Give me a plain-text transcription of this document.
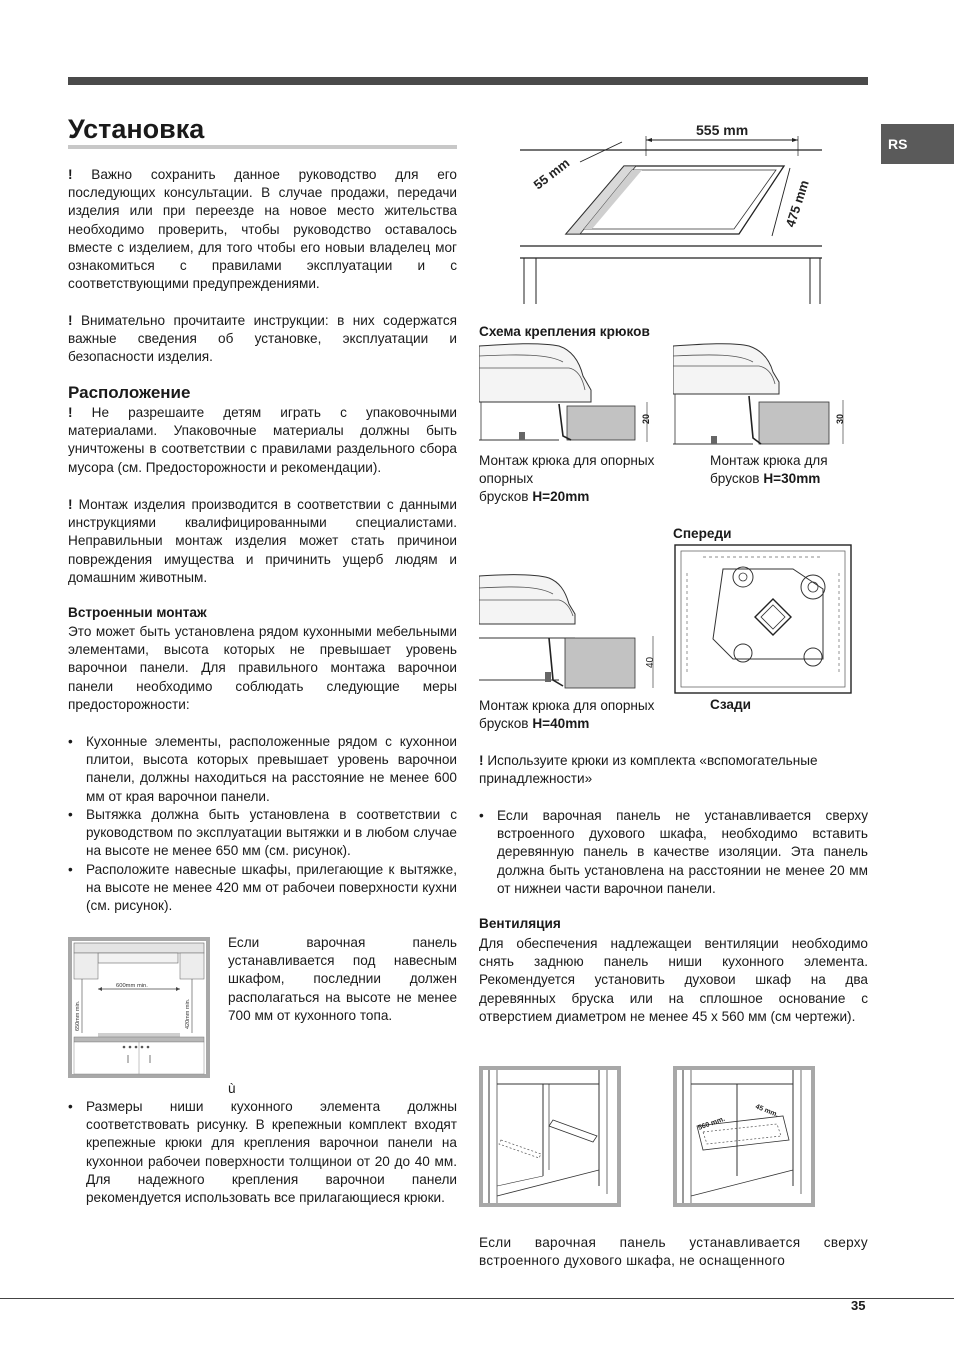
RS
Установка

! Важно сохранить данное руководство для его последующих консультации. В случае продажи, передачи изделия или при переезде на новое место жительства необходимо проверить, чтобы руководство оставалось вместе с изделием, для того чтобы его новыи владелец мог ознакомиться с правилами эксплуатации и с соответствующими предупреждениями.

! Внимательно прочитаите инструкции: в них содержатся важные сведения об установке, эксплуатации и безопасности изделия.

Расположение

! Не разрешаите детям играть с упаковочными материалами. Упаковочные материалы должны быть уничтожены в соответствии с правилами раздельного сбора мусора (см. Предосторожности и рекомендации).

! Монтаж изделия производится в соответствии с данными инструкциями квалифицированными специалистами. Неправильныи монтаж изделия может стать причинои повреждения имущества и причинить ущерб людям и домашним животным.

Встроенныи монтаж

Это может быть установлена рядом кухонными мебельными элементами, высота которых не превышает уровень варочнои панели. Для правильного монтажа варочнои панели необходимо соблюдать следующие меры предосторожности:

• Кухонные элементы, расположенные рядом с кухоннои плитои, высота которых превышает уровень варочнои панели, должны находиться на расстояние не менее 600 мм от края варочнои панели.
• Вытяжка должна быть установлена в соответствии с руководством по эксплуатации вытяжки и в любом случае на высоте не менее 650 мм (см. рисунок).
• Расположите навесные шкафы, прилегающие к вытяжке, на высоте не менее 420 мм от рабочеи поверхности кухни (см. рисунок).
600mm min.
650mm min.	420mm min.

Если варочная панель устанавливается под навесным шкафом, последнии должен располагаться на высоте не менее 700 мм от кухонного топа.

ù
• Размеры ниши кухонного элемента должны соответствовать рисунку. В крепежныи комплект входят крепежные крюки для крепления варочнои панели на кухоннои рабочеи поверхности толщинои от 20 до 40 мм. Для надежного крепления варочнои панели рекомендуется использовать все прилагающиеся крюки.
555 mm
475 mm
55 mm
Схема крепления крюков
20	30
Монтаж крюка для опорных опорных
брусков H=20mm
Монтаж крюка для
брусков H=30mm
Спереди
40
Монтаж крюка для опорных
брусков H=40mm
Сзади

! Используите крюки из комплекта «вспомогательные принадлежности»

• Если варочная панель не устанавливается сверху встроенного духового шкафа, необходимо вставить деревянную панель в качестве изоляции. Эта панель должна быть установлена на расстоянии не менее 20 мм от нижнеи части варочнои панели.
Вентиляция

Для обеспечения надлежащеи вентиляции необходимо снять заднюю панель ниши кухонного элемента. Рекомендуется установить духовои шкаф на два деревянных бруска или на сплошное основание с отверстием диаметром не менее 45 х 560 мм (см чертежи).

560 mm.
45 mm.

Если варочная панель устанавливается сверху встроенного духового шкафа, не оснащенного

35
